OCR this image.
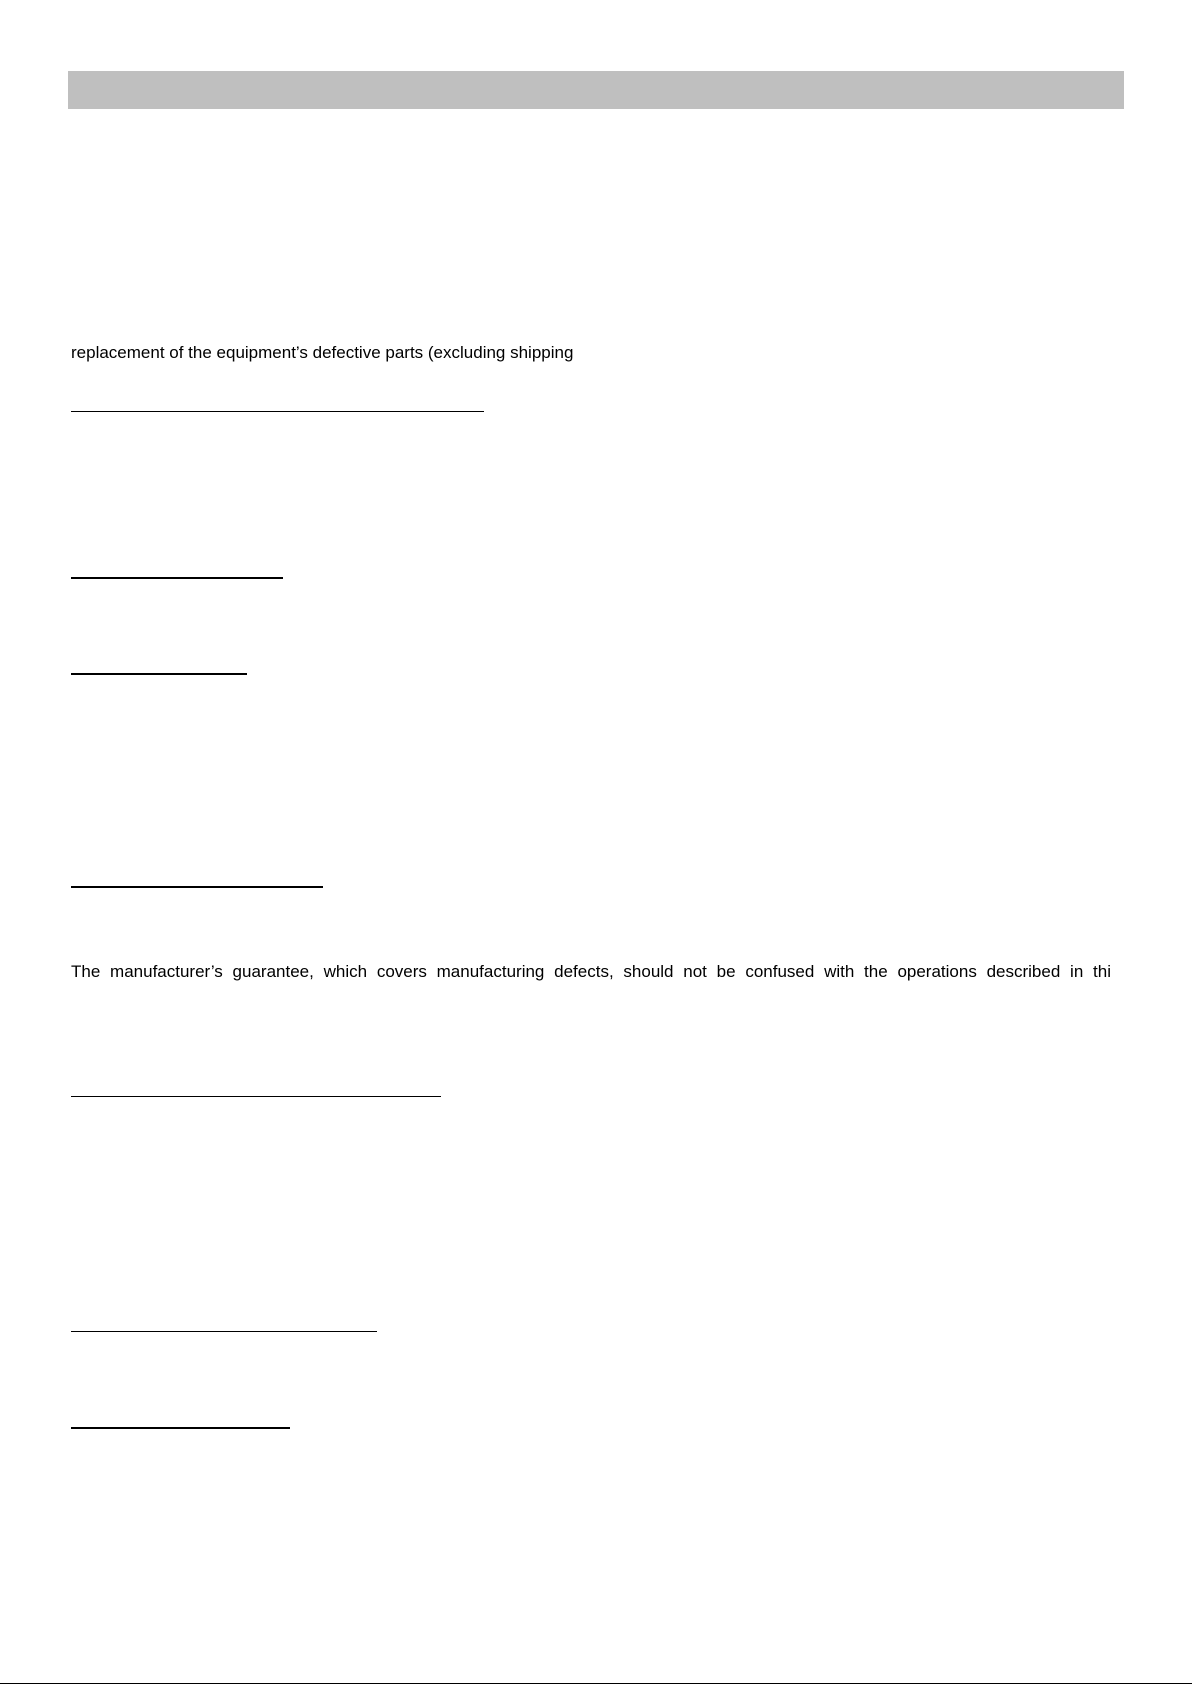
replacement of the equipment’s defective parts (excluding shipping
The manufacturer’s guarantee, which covers manufacturing defects, should not be confused with the operations described in thi
